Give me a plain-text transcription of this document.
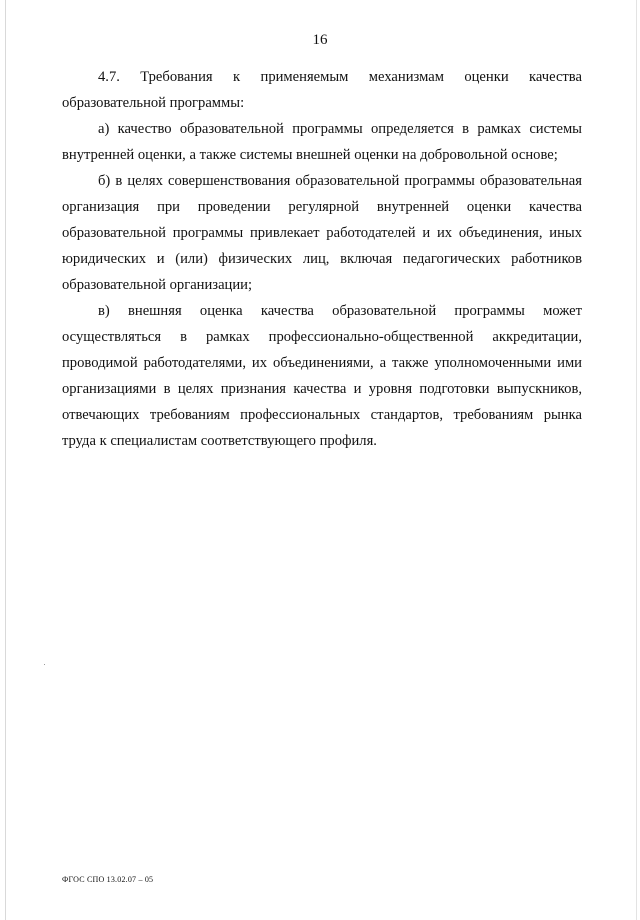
16

4.7. Требования к применяемым механизмам оценки качества образовательной программы:

а) качество образовательной программы определяется в рамках системы внутренней оценки, а также системы внешней оценки на добровольной основе;

б) в целях совершенствования образовательной программы образовательная организация при проведении регулярной внутренней оценки качества образовательной программы привлекает работодателей и их объединения, иных юридических и (или) физических лиц, включая педагогических работников образовательной организации;

в) внешняя оценка качества образовательной программы может осуществляться в рамках профессионально-общественной аккредитации, проводимой работодателями, их объединениями, а также уполномоченными ими организациями в целях признания качества и уровня подготовки выпускников, отвечающих требованиям профессиональных стандартов, требованиям рынка труда к специалистам соответствующего профиля.

ФГОС СПО 13.02.07 – 05
